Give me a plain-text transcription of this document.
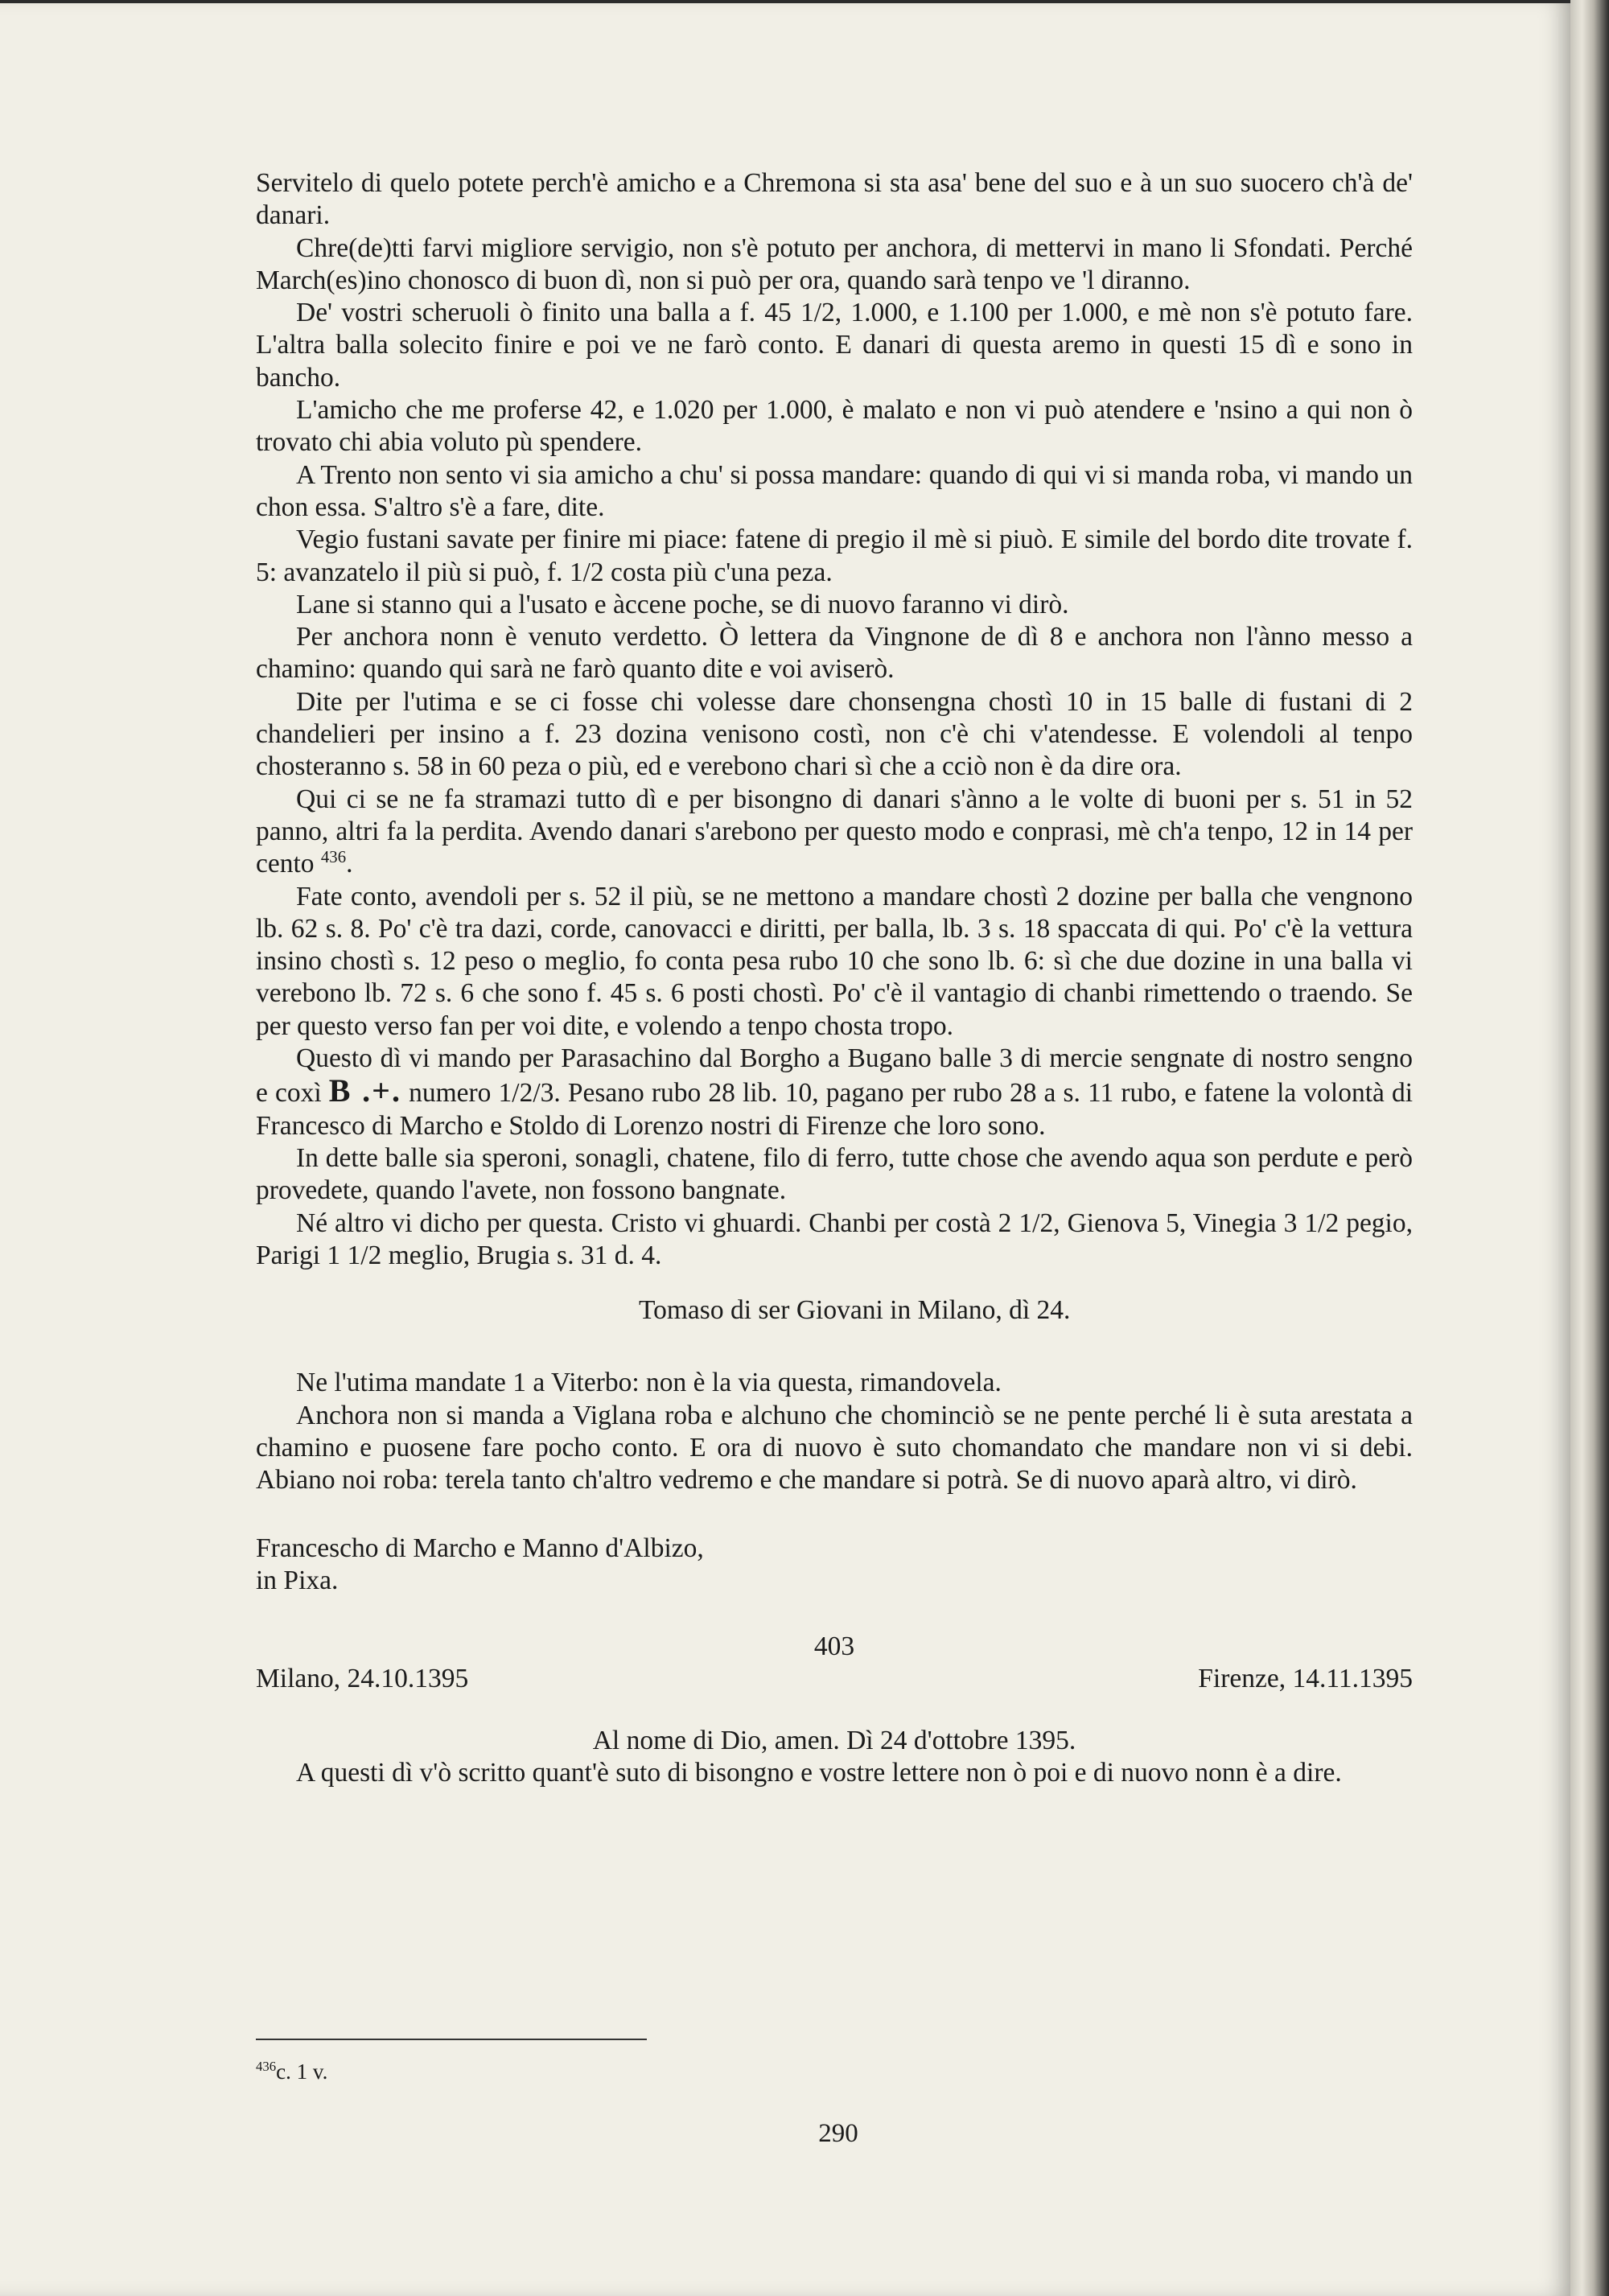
Servitelo di quelo potete perch'è amicho e a Chremona si sta asa' bene del suo e à un suo suocero ch'à de' danari.

Chre(de)tti farvi migliore servigio, non s'è potuto per anchora, di mettervi in mano li Sfondati. Perché March(es)ino chonosco di buon dì, non si può per ora, quando sarà tenpo ve 'l diranno.

De' vostri scheruoli ò finito una balla a f. 45 1/2, 1.000, e 1.100 per 1.000, e mè non s'è potuto fare. L'altra balla solecito finire e poi ve ne farò conto. E danari di questa aremo in questi 15 dì e sono in bancho.

L'amicho che me proferse 42, e 1.020 per 1.000, è malato e non vi può atendere e 'nsino a qui non ò trovato chi abia voluto pù spendere.

A Trento non sento vi sia amicho a chu' si possa mandare: quando di qui vi si manda roba, vi mando un chon essa. S'altro s'è a fare, dite.

Vegio fustani savate per finire mi piace: fatene di pregio il mè si piuò. E simile del bordo dite trovate f. 5: avanzatelo il più si può, f. 1/2 costa più c'una peza.

Lane si stanno qui a l'usato e àccene poche, se di nuovo faranno vi dirò.

Per anchora nonn è venuto verdetto. Ò lettera da Vingnone de dì 8 e anchora non l'ànno messo a chamino: quando qui sarà ne farò quanto dite e voi aviserò.

Dite per l'utima e se ci fosse chi volesse dare chonsengna chostì 10 in 15 balle di fustani di 2 chandelieri per insino a f. 23 dozina venisono costì, non c'è chi v'atendesse. E volendoli al tenpo chosteranno s. 58 in 60 peza o più, ed e verebono chari sì che a cciò non è da dire ora.

Qui ci se ne fa stramazi tutto dì e per bisongno di danari s'ànno a le volte di buoni per s. 51 in 52 panno, altri fa la perdita. Avendo danari s'arebono per questo modo e conprasi, mè ch'a tenpo, 12 in 14 per cento $^{436}$.

Fate conto, avendoli per s. 52 il più, se ne mettono a mandare chostì 2 dozine per balla che vengnono lb. 62 s. 8. Po' c'è tra dazi, corde, canovacci e diritti, per balla, lb. 3 s. 18 spaccata di qui. Po' c'è la vettura insino chostì s. 12 peso o meglio, fo conta pesa rubo 10 che sono lb. 6: sì che due dozine in una balla vi verebono lb. 72 s. 6 che sono f. 45 s. 6 posti chostì. Po' c'è il vantagio di chanbi rimettendo o traendo. Se per questo verso fan per voi dite, e volendo a tenpo chosta tropo.

Questo dì vi mando per Parasachino dal Borgho a Bugano balle 3 di mercie sengnate di nostro sengno e coxì B .+. numero 1/2/3. Pesano rubo 28 lib. 10, pagano per rubo 28 a s. 11 rubo, e fatene la volontà di Francesco di Marcho e Stoldo di Lorenzo nostri di Firenze che loro sono.

In dette balle sia speroni, sonagli, chatene, filo di ferro, tutte chose che avendo aqua son perdute e però provedete, quando l'avete, non fossono bangnate.

Né altro vi dicho per questa. Cristo vi ghuardi. Chanbi per costà 2 1/2, Gienova 5, Vinegia 3 1/2 pegio, Parigi 1 1/2 meglio, Brugia s. 31 d. 4.

Tomaso di ser Giovani in Milano, dì 24.

Ne l'utima mandate 1 a Viterbo: non è la via questa, rimandovela.

Anchora non si manda a Viglana roba e alchuno che chominciò se ne pente perché li è suta arestata a chamino e puosene fare pocho conto. E ora di nuovo è suto chomandato che mandare non vi si debi. Abiano noi roba: terela tanto ch'altro vedremo e che mandare si potrà. Se di nuovo aparà altro, vi dirò.

Franceschо di Marcho e Manno d'Albizo,
in Pixa.

403

Milano, 24.10.1395	Firenze, 14.11.1395

Al nome di Dio, amen. Dì 24 d'ottobre 1395.

A questi dì v'ò scritto quant'è suto di bisongno e vostre lettere non ò poi e di nuovo nonn è a dire.

$^{436}$c. 1 v.
290
